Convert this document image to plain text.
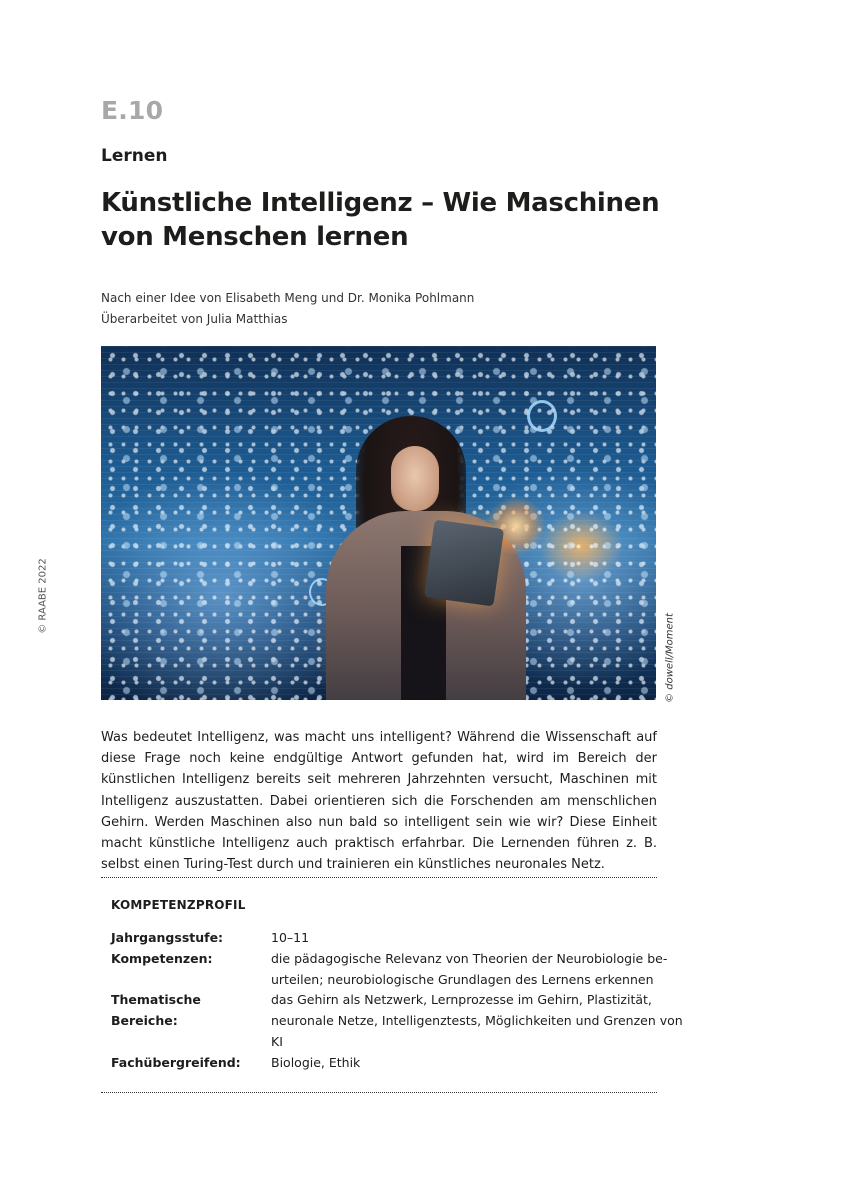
E.10
Lernen
Künstliche Intelligenz – Wie Maschinen von Menschen lernen
Nach einer Idee von Elisabeth Meng und Dr. Monika Pohlmann
Überarbeitet von Julia Matthias
© RAABE 2022
© dowell/Moment

Was bedeutet Intelligenz, was macht uns intelligent? Während die Wissenschaft auf diese Frage noch keine endgültige Antwort gefunden hat, wird im Bereich der künstlichen Intelligenz bereits seit mehreren Jahrzehnten versucht, Maschinen mit Intelligenz auszustatten. Dabei orientieren sich die Forschenden am menschlichen Gehirn. Werden Maschinen also nun bald so intelligent sein wie wir? Diese Einheit macht künstliche Intelligenz auch praktisch erfahrbar. Die Lernenden führen z. B. selbst einen Turing-Test durch und trainieren ein künstliches neuronales Netz.

KOMPETENZPROFIL
Jahrgangsstufe:	10–11
Kompetenzen:	die pädagogische Relevanz von Theorien der Neurobiologie be-
urteilen; neurobiologische Grundlagen des Lernens erkennen
Thematische Bereiche:
das Gehirn als Netzwerk, Lernprozesse im Gehirn, Plastizität,
neuronale Netze, Intelligenztests, Möglichkeiten und Grenzen von
KI
Fachübergreifend:	Biologie, Ethik
